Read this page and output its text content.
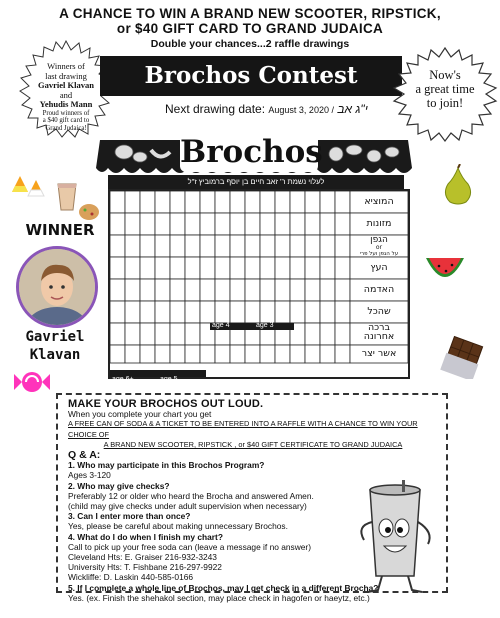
A CHANCE TO WIN A BRAND NEW SCOOTER, RIPSTICK,
or $40 GIFT CARD TO GRAND JUDAICA
Double your chances...2 raffle drawings
Winners of
last drawing
Gavriel Klavan
and
Yehudis Mann
Proud winners of
a $40 gift card to
Grand Judaica!
Brochos Contest	Now's
a great time
to join!
Next drawing date: August 3, 2020 / י"ג אב
Brochos
לעלוי נשמת ר' זאב חיים בן יוסף ברמוביץ ז"ל
המוציא
מזונות
הגפן
or
על הגפן ועל פרי
העץ
האדמה
שהכל
ברכה
אחרונה
אשר יצר
age 6+	age 5
age 4	age 3
WINNER
Gavriel
Klavan
MAKE YOUR BROCHOS OUT LOUD.
When you complete your chart you get
A FREE CAN OF SODA & A TICKET TO BE ENTERED INTO A RAFFLE WITH A CHANCE TO WIN YOUR CHOICE OF
A BRAND NEW SCOOTER, RIPSTICK , or $40 GIFT CERTIFICATE TO GRAND JUDAICA
Q & A:
1. Who may participate in this Brochos Program?
Ages 3-120
2. Who may give checks?
Preferably 12 or older who heard the Brocha and answered Amen.
(child may give checks under adult supervision when necessary)
3. Can I enter more than once?
Yes, please be careful about making unnecessary Brochos.
4. What do I do when I finish my chart?
Call to pick up your free soda can (leave a message if no answer)
Cleveland Hts: E. Graiser 216-932-3243
University Hts: T. Fishbane 216-297-9922
Wickliffe: D. Laskin 440-585-0166
5. If I complete a whole line of Brochos, may I get check in a different Brocha?
Yes. (ex. Finish the shehakol section, may place check in hagofen or haeytz, etc.)
